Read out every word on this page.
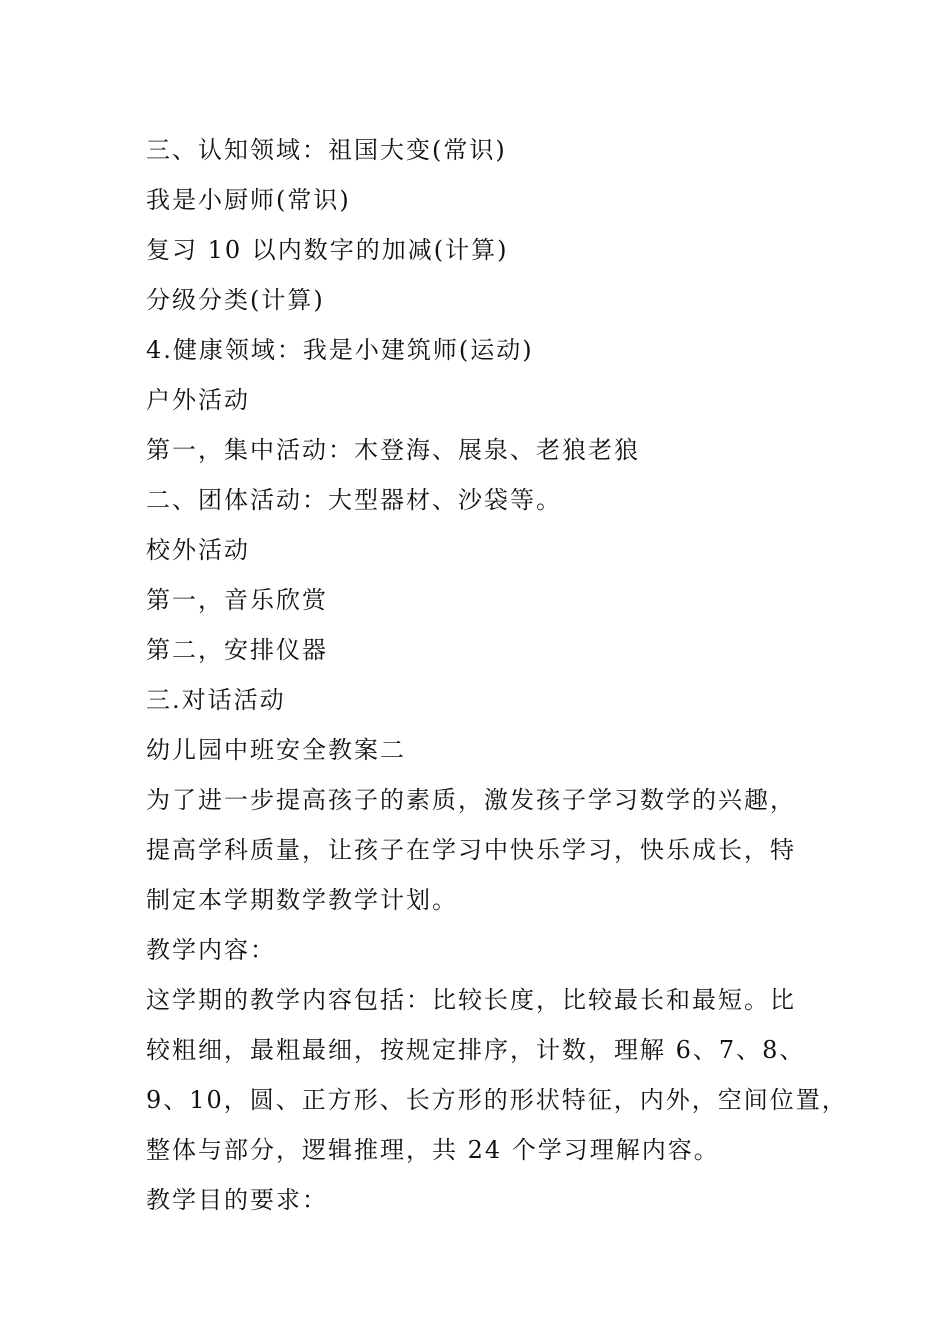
三、认知领域：祖国大变(常识)

我是小厨师(常识)

复习 10 以内数字的加减(计算)

分级分类(计算)

4.健康领域：我是小建筑师(运动)

户外活动

第一，集中活动：木登海、展泉、老狼老狼

二、团体活动：大型器材、沙袋等。

校外活动

第一，音乐欣赏

第二，安排仪器

三.对话活动

幼儿园中班安全教案二

为了进一步提高孩子的素质，激发孩子学习数学的兴趣，

提高学科质量，让孩子在学习中快乐学习，快乐成长，特

制定本学期数学教学计划。

教学内容：

这学期的教学内容包括：比较长度，比较最长和最短。比

较粗细，最粗最细，按规定排序，计数，理解 6、7、8、

9、10，圆、正方形、长方形的形状特征，内外，空间位置，

整体与部分，逻辑推理，共 24 个学习理解内容。

教学目的要求：
